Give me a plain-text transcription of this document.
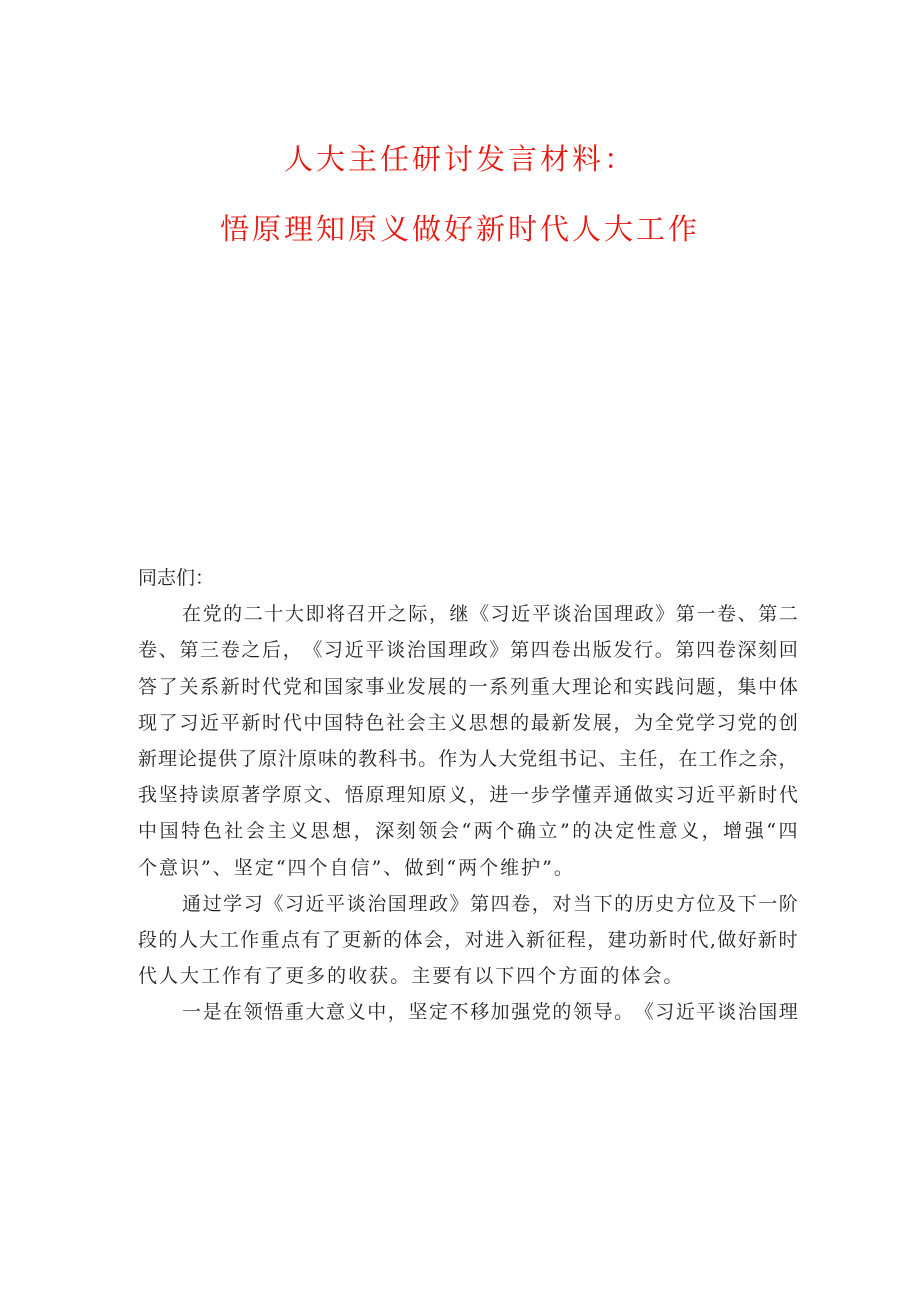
人大主任研讨发言材料：
悟原理知原义做好新时代人大工作
同志们：
在 党 的 二 十 大 即 将 召 开 之 际 ， 继 《 习 近 平 谈 治 国 理 政 》 第 一 卷 、 第 二
卷 、 第 三 卷 之 后 ， 《 习 近 平 谈 治 国 理 政 》 第 四 卷 出 版 发 行 。 第 四 卷 深 刻 回
答 了 关 系 新 时 代 党 和 国 家 事 业 发 展 的 一 系 列 重 大 理 论 和 实 践 问 题 ， 集 中 体
现 了 习 近 平 新 时 代 中 国 特 色 社 会 主 义 思 想 的 最 新 发 展 ， 为 全 党 学 习 党 的 创
新 理 论 提 供 了 原 汁 原 味 的 教 科 书 。 作 为 人 大 党 组 书 记 、 主 任 ， 在 工 作 之 余 ，
我 坚 持 读 原 著 学 原 文 、 悟 原 理 知 原 义 ， 进 一 步 学 懂 弄 通 做 实 习 近 平 新 时 代
中 国 特 色 社 会 主 义 思 想 ， 深 刻 领 会 “ 两 个 确 立 ” 的 决 定 性 意 义 ， 增 强 “ 四
个 意 识 ” 、 坚 定 “ 四 个 自 信 ” 、 做 到 “ 两 个 维 护 ” 。
通 过 学 习 《 习 近 平 谈 治 国 理 政 》 第 四 卷 ， 对 当 下 的 历 史 方 位 及 下 一 阶
段 的 人 大 工 作 重 点 有 了 更 新 的 体 会 ， 对 进 入 新 征 程 ， 建 功 新 时 代 , 做 好 新 时
代 人 大 工 作 有 了 更 多 的 收 获 。 主 要 有 以 下 四 个 方 面 的 体 会 。
一 是 在 领 悟 重 大 意 义 中 ， 坚 定 不 移 加 强 党 的 领 导 。 《 习 近 平 谈 治 国 理
